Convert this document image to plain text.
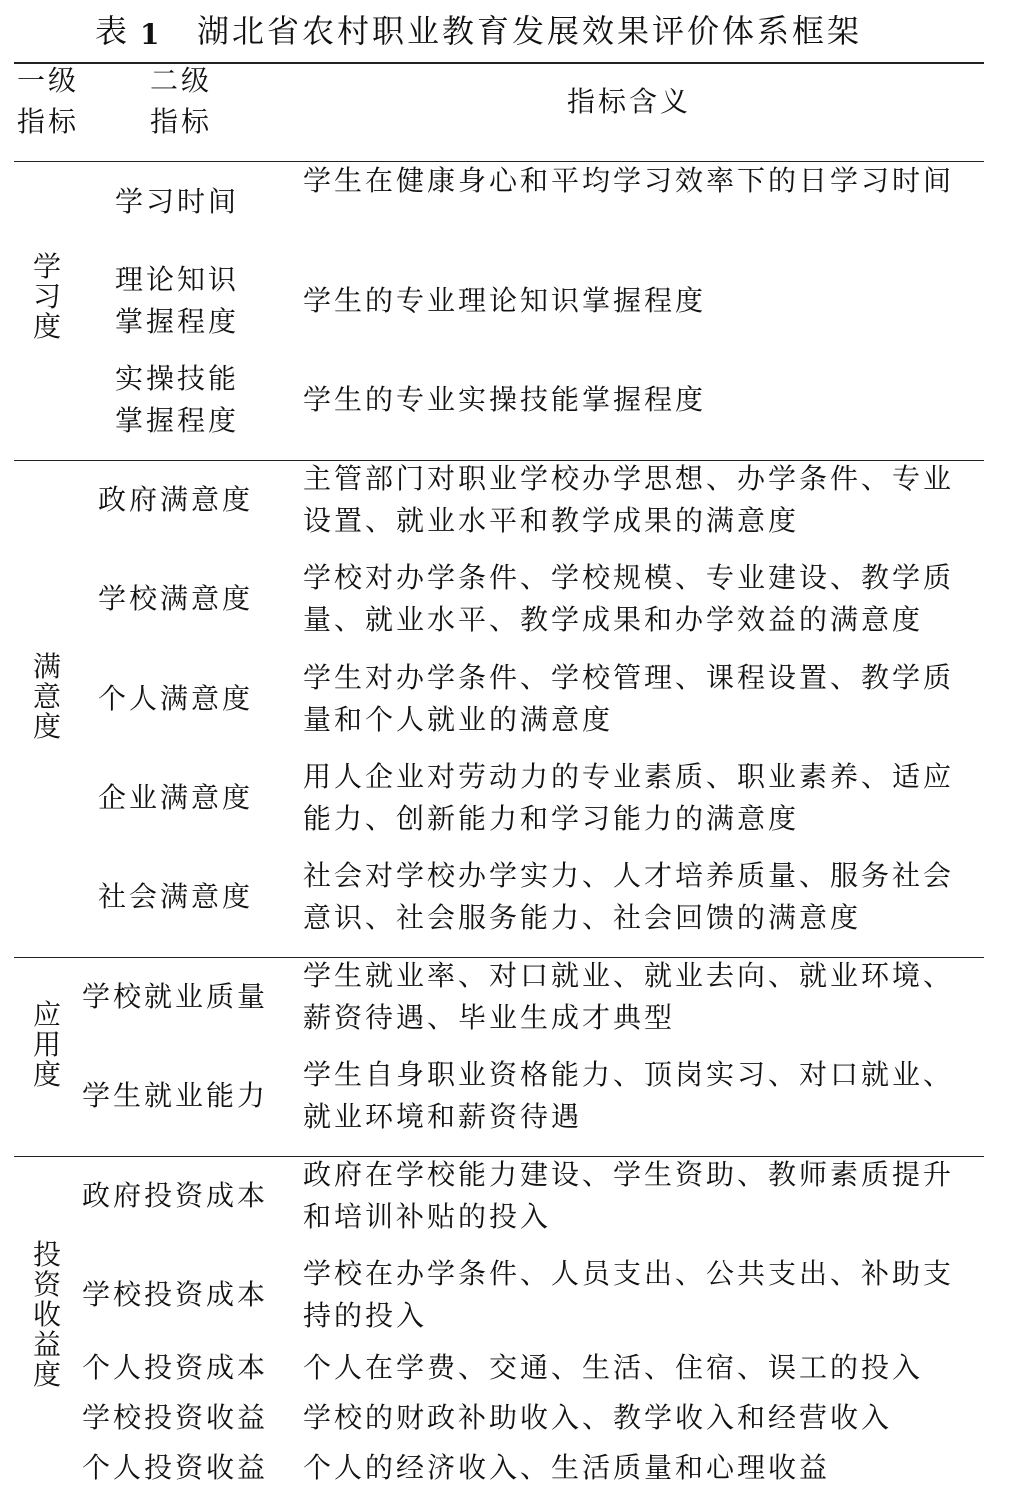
表 1 湖北省农村职业教育发展效果评价体系框架
一级
指标
二级
指标
指标含义
学习度
学习时间
学生在健康身心和平均学习效率下的日学习时间
理论知识
掌握程度
学生的专业理论知识掌握程度
实操技能
掌握程度
学生的专业实操技能掌握程度
满意度
政府满意度
主管部门对职业学校办学思想、办学条件、专业设置、就业水平和教学成果的满意度
学校满意度
学校对办学条件、学校规模、专业建设、教学质量、就业水平、教学成果和办学效益的满意度
个人满意度
学生对办学条件、学校管理、课程设置、教学质量和个人就业的满意度
企业满意度
用人企业对劳动力的专业素质、职业素养、适应能力、创新能力和学习能力的满意度
社会满意度
社会对学校办学实力、人才培养质量、服务社会意识、社会服务能力、社会回馈的满意度
应用度
学校就业质量
学生就业率、对口就业、就业去向、就业环境、薪资待遇、毕业生成才典型
学生就业能力
学生自身职业资格能力、顶岗实习、对口就业、就业环境和薪资待遇
投资收益度
政府投资成本
政府在学校能力建设、学生资助、教师素质提升和培训补贴的投入
学校投资成本
学校在办学条件、人员支出、公共支出、补助支持的投入
个人投资成本 个人在学费、交通、生活、住宿、误工的投入
学校投资收益 学校的财政补助收入、教学收入和经营收入
个人投资收益 个人的经济收入、生活质量和心理收益
